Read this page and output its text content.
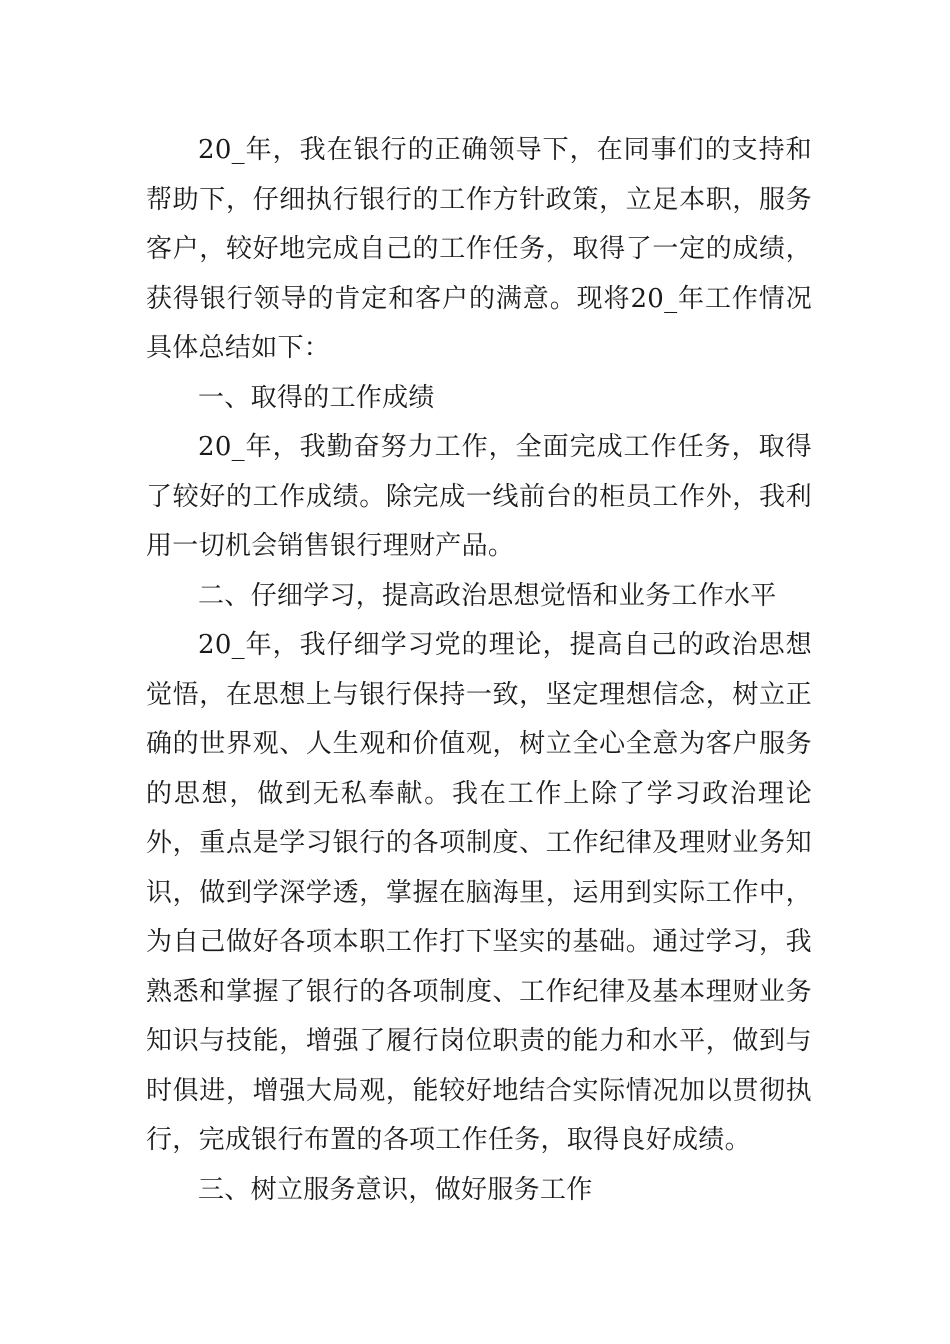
20_年，我在银行的正确领导下，在同事们的支持和帮助下，仔细执行银行的工作方针政策，立足本职，服务客户，较好地完成自己的工作任务，取得了一定的成绩，获得银行领导的肯定和客户的满意。现将20_年工作情况具体总结如下：

一、取得的工作成绩

20_年，我勤奋努力工作，全面完成工作任务，取得了较好的工作成绩。除完成一线前台的柜员工作外，我利用一切机会销售银行理财产品。

二、仔细学习，提高政治思想觉悟和业务工作水平

20_年，我仔细学习党的理论，提高自己的政治思想觉悟，在思想上与银行保持一致，坚定理想信念，树立正确的世界观、人生观和价值观，树立全心全意为客户服务的思想，做到无私奉献。我在工作上除了学习政治理论外，重点是学习银行的各项制度、工作纪律及理财业务知识，做到学深学透，掌握在脑海里，运用到实际工作中，为自己做好各项本职工作打下坚实的基础。通过学习，我熟悉和掌握了银行的各项制度、工作纪律及基本理财业务知识与技能，增强了履行岗位职责的能力和水平，做到与时俱进，增强大局观，能较好地结合实际情况加以贯彻执行，完成银行布置的各项工作任务，取得良好成绩。

三、树立服务意识，做好服务工作
